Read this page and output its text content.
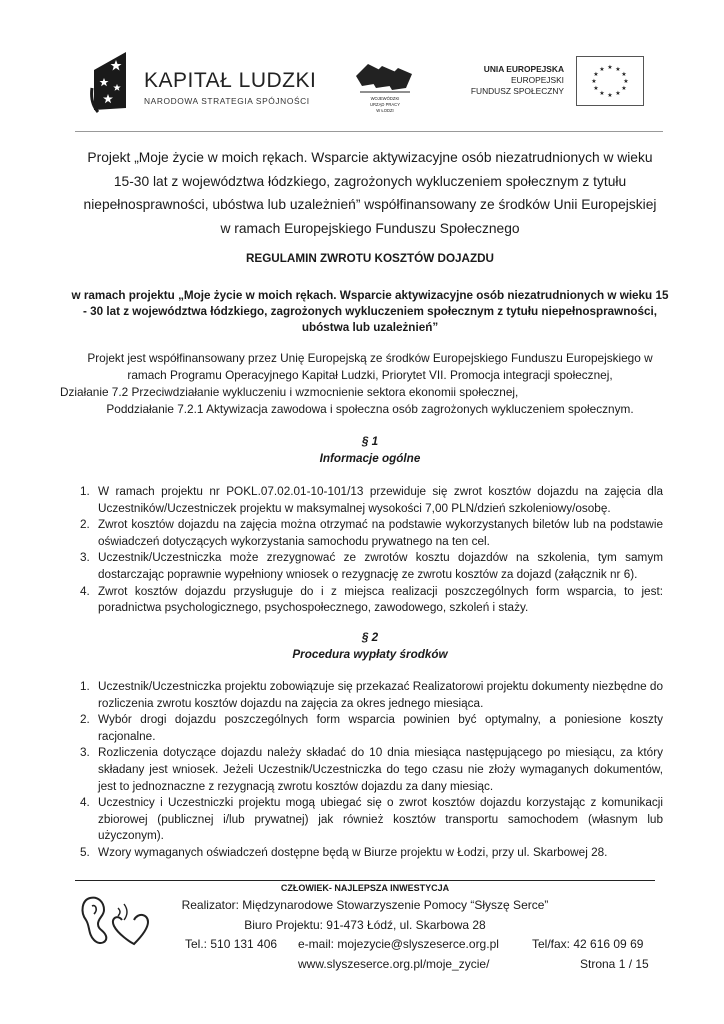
KAPITAŁ LUDZKI
NARODOWA STRATEGIA SPÓJNOŚCI	WOJEWÓDZKI
URZĄD PRACY
W ŁODZI
UNIA EUROPEJSKA
EUROPEJSKI
FUNDUSZ SPOŁECZNY
★ ★
★
★
★
★
★
★
★
★
★
★
Projekt „Moje życie w moich rękach. Wsparcie aktywizacyjne osób niezatrudnionych w wieku 15-30 lat z województwa łódzkiego, zagrożonych wykluczeniem społecznym z tytułu niepełnosprawności, ubóstwa lub uzależnień” współfinansowany ze środków Unii Europejskiej w ramach Europejskiego Funduszu Społecznego
REGULAMIN ZWROTU KOSZTÓW DOJAZDU
w ramach projektu „Moje życie w moich rękach. Wsparcie aktywizacyjne osób niezatrudnionych w wieku 15 - 30 lat z województwa łódzkiego, zagrożonych wykluczeniem społecznym z tytułu niepełnosprawności, ubóstwa lub uzależnień”
Projekt jest współfinansowany przez Unię Europejską ze środków Europejskiego Funduszu Europejskiego w
ramach Programu Operacyjnego Kapitał Ludzki, Priorytet VII. Promocja integracji społecznej,
Działanie 7.2 Przeciwdziałanie wykluczeniu i wzmocnienie sektora ekonomii społecznej,
Poddziałanie 7.2.1 Aktywizacja zawodowa i społeczna osób zagrożonych wykluczeniem społecznym.
§ 1
Informacje ogólne
1. W ramach projektu nr POKL.07.02.01-10-101/13 przewiduje się zwrot kosztów dojazdu na zajęcia dla Uczestników/Uczestniczek projektu w maksymalnej wysokości 7,00 PLN/dzień szkoleniowy/osobę.
2. Zwrot kosztów dojazdu na zajęcia można otrzymać na podstawie wykorzystanych biletów lub na podstawie oświadczeń dotyczących wykorzystania samochodu prywatnego na ten cel.
3. Uczestnik/Uczestniczka może zrezygnować ze zwrotów kosztu dojazdów na szkolenia, tym samym dostarczając poprawnie wypełniony wniosek o rezygnację ze zwrotu kosztów za dojazd (załącznik nr 6).
4. Zwrot kosztów dojazdu przysługuje do i z miejsca realizacji poszczególnych form wsparcia, to jest: poradnictwa psychologicznego, psychospołecznego, zawodowego, szkoleń i staży.
§ 2
Procedura wypłaty środków
1. Uczestnik/Uczestniczka projektu zobowiązuje się przekazać Realizatorowi projektu dokumenty niezbędne do rozliczenia zwrotu kosztów dojazdu na zajęcia za okres jednego miesiąca.
2. Wybór drogi dojazdu poszczególnych form wsparcia powinien być optymalny, a poniesione koszty racjonalne.
3. Rozliczenia dotyczące dojazdu należy składać do 10 dnia miesiąca następującego po miesiącu, za który składany jest wniosek. Jeżeli Uczestnik/Uczestniczka do tego czasu nie złoży wymaganych dokumentów, jest to jednoznaczne z rezygnacją zwrotu kosztów dojazdu za dany miesiąc.
4. Uczestnicy i Uczestniczki projektu mogą ubiegać się o zwrot kosztów dojazdu korzystając z komunikacji zbiorowej (publicznej i/lub prywatnej) jak również kosztów transportu samochodem (własnym lub użyczonym).
5. Wzory wymaganych oświadczeń dostępne będą w Biurze projektu w Łodzi, przy ul. Skarbowej 28.
CZŁOWIEK- NAJLEPSZA INWESTYCJA
Realizator: Międzynarodowe Stowarzyszenie Pomocy “Słyszę Serce”
Biuro Projektu: 91-473 Łódź, ul. Skarbowa 28
Tel.: 510 131 406 e-mail: mojezycie@slyszeserce.org.pl	Tel/fax: 42 616 09 69
www.slyszeserce.org.pl/moje_zycie/	Strona 1 / 15
